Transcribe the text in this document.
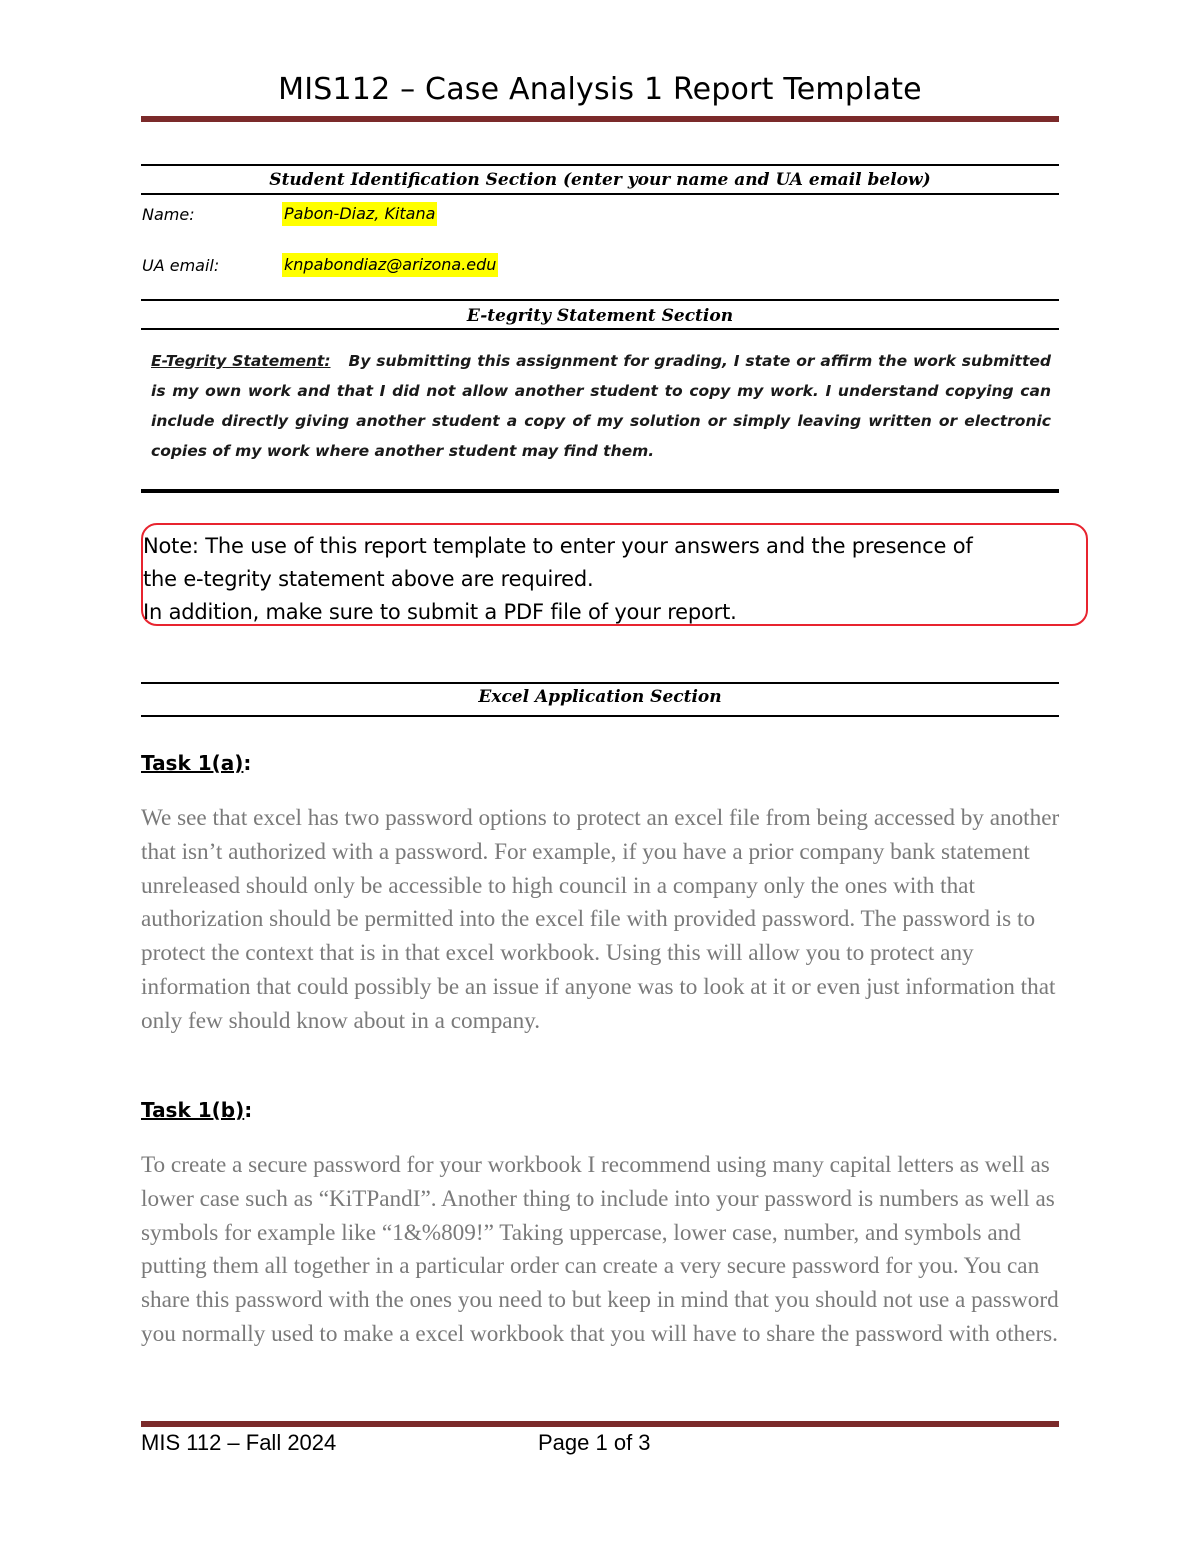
MIS112 – Case Analysis 1 Report Template
Student Identification Section (enter your name and UA email below)
Name:	Pabon-Diaz, Kitana
UA email:	knpabondiaz@arizona.edu
E-tegrity Statement Section
E-Tegrity Statement: By submitting this assignment for grading, I state or affirm the work submitted is my own work and that I did not allow another student to copy my work. I understand copying can include directly giving another student a copy of my solution or simply leaving written or electronic copies of my work where another student may find them.
Note: The use of this report template to enter your answers and the presence of
the e-tegrity statement above are required.
In addition, make sure to submit a PDF file of your report.
Excel Application Section
Task 1(a):
We see that excel has two password options to protect an excel file from being accessed by another that isn’t authorized with a password. For example, if you have a prior company bank statement unreleased should only be accessible to high council in a company only the ones with that authorization should be permitted into the excel file with provided password. The password is to protect the context that is in that excel workbook. Using this will allow you to protect any information that could possibly be an issue if anyone was to look at it or even just information that only few should know about in a company.
Task 1(b):
To create a secure password for your workbook I recommend using many capital letters as well as lower case such as “KiTPandI”. Another thing to include into your password is numbers as well as symbols for example like “1&%809!” Taking uppercase, lower case, number, and symbols and putting them all together in a particular order can create a very secure password for you. You can share this password with the ones you need to but keep in mind that you should not use a password you normally used to make a excel workbook that you will have to share the password with others.
MIS 112 – Fall 2024	Page 1 of 3
